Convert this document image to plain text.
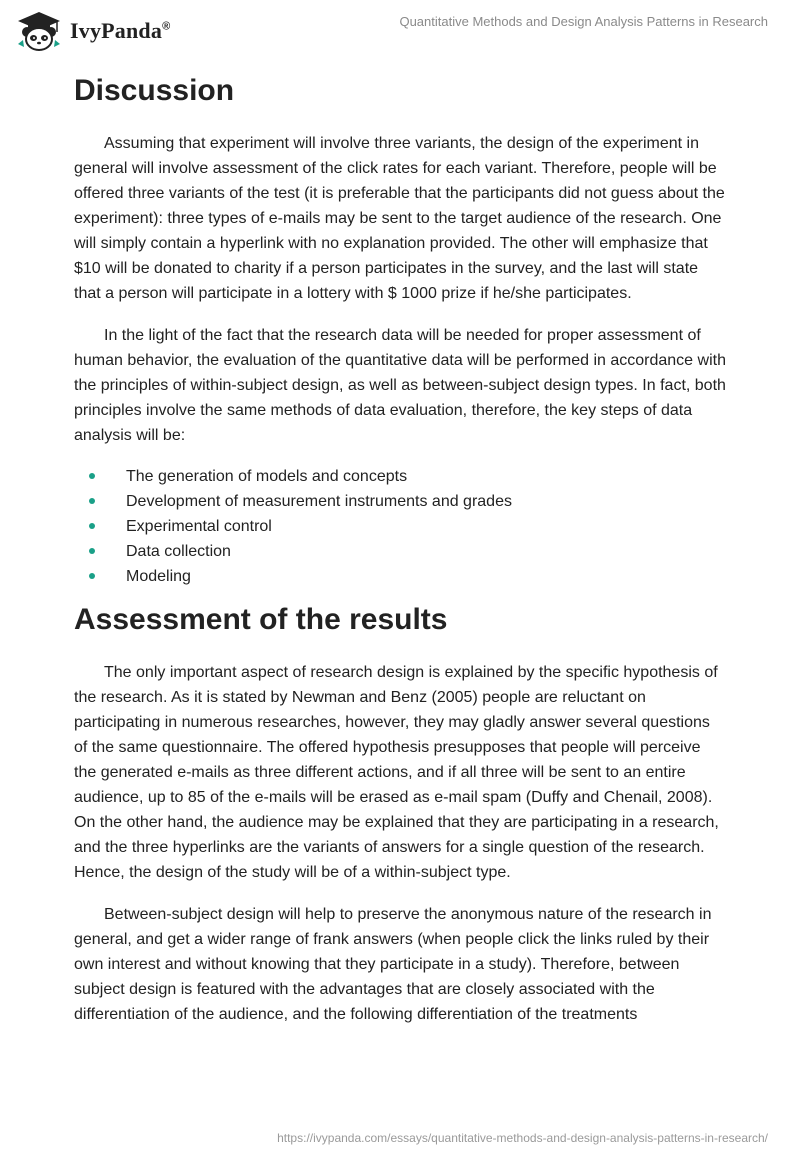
IvyPanda®	Quantitative Methods and Design Analysis Patterns in Research
Discussion

Assuming that experiment will involve three variants, the design of the experiment in general will involve assessment of the click rates for each variant. Therefore, people will be offered three variants of the test (it is preferable that the participants did not guess about the experiment): three types of e-mails may be sent to the target audience of the research. One will simply contain a hyperlink with no explanation provided. The other will emphasize that $10 will be donated to charity if a person participates in the survey, and the last will state that a person will participate in a lottery with $ 1000 prize if he/she participates.

In the light of the fact that the research data will be needed for proper assessment of human behavior, the evaluation of the quantitative data will be performed in accordance with the principles of within-subject design, as well as between-subject design types. In fact, both principles involve the same methods of data evaluation, therefore, the key steps of data analysis will be:

The generation of models and concepts
Development of measurement instruments and grades
Experimental control
Data collection
Modeling
Assessment of the results

The only important aspect of research design is explained by the specific hypothesis of the research. As it is stated by Newman and Benz (2005) people are reluctant on participating in numerous researches, however, they may gladly answer several questions of the same questionnaire. The offered hypothesis presupposes that people will perceive the generated e-mails as three different actions, and if all three will be sent to an entire audience, up to 85 of the e-mails will be erased as e-mail spam (Duffy and Chenail, 2008). On the other hand, the audience may be explained that they are participating in a research, and the three hyperlinks are the variants of answers for a single question of the research. Hence, the design of the study will be of a within-subject type.

Between-subject design will help to preserve the anonymous nature of the research in general, and get a wider range of frank answers (when people click the links ruled by their own interest and without knowing that they participate in a study). Therefore, between subject design is featured with the advantages that are closely associated with the differentiation of the audience, and the following differentiation of the treatments

https://ivypanda.com/essays/quantitative-methods-and-design-analysis-patterns-in-research/
